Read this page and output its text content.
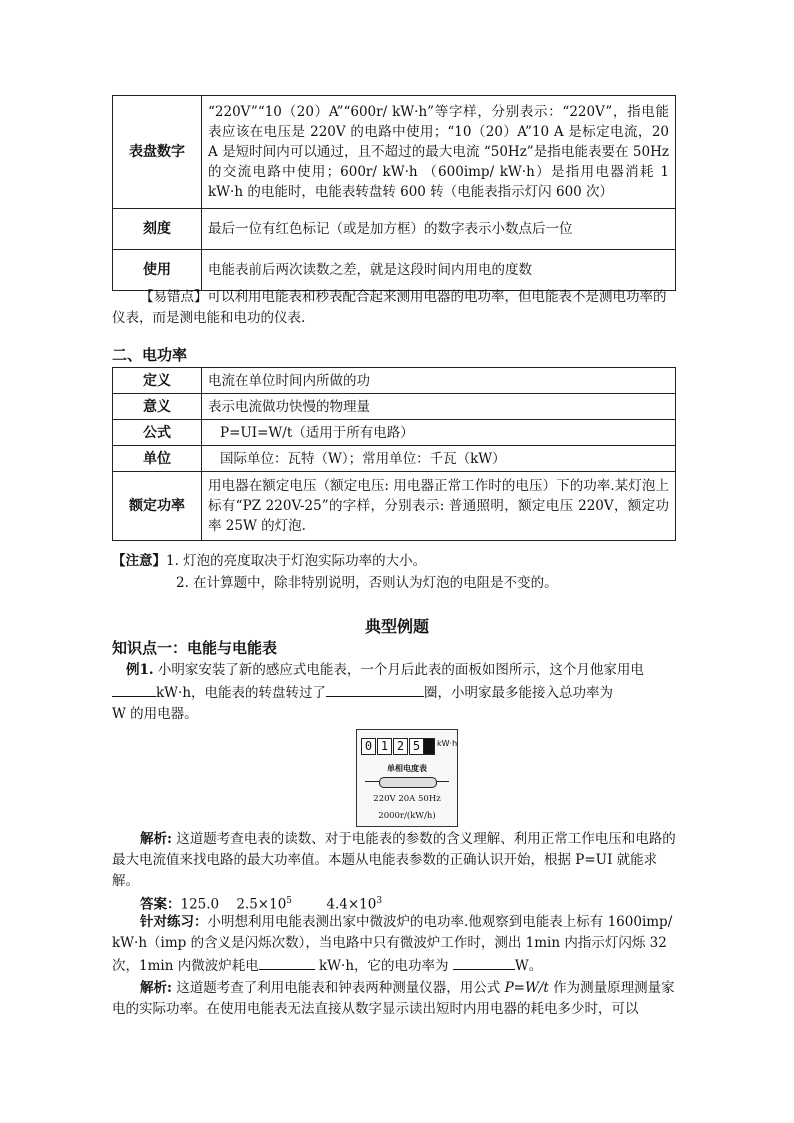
表盘数字	“220V”“10（20）A”“600r/ kW·h”等字样，分别表示：“220V”，指电能表应该在电压是 220V 的电路中使用；“10（20）A”10 A 是标定电流，20 A 是短时间内可以通过，且不超过的最大电流 “50Hz”是指电能表要在 50Hz 的交流电路中使用；600r/ kW·h （600imp/ kW·h）是指用电器消耗 1 kW·h 的电能时，电能表转盘转 600 转（电能表指示灯闪 600 次）
刻度	最后一位有红色标记（或是加方框）的数字表示小数点后一位
使用	电能表前后两次读数之差，就是这段时间内用电的度数
【易错点】可以利用电能表和秒表配合起来测用电器的电功率，但电能表不是测电功率的仪表，而是测电能和电功的仪表.
二、电功率
定义	电流在单位时间内所做的功
意义	表示电流做功快慢的物理量
公式	P=UI=W/t（适用于所有电路）
单位	国际单位：瓦特（W）；常用单位：千瓦（kW）
额定功率	用电器在额定电压（额定电压: 用电器正常工作时的电压）下的功率.某灯泡上标有“PZ 220V-25”的字样，分别表示: 普通照明，额定电压 220V，额定功率 25W 的灯泡.
【注意】1. 灯泡的亮度取决于灯泡实际功率的大小。
2. 在计算题中，除非特别说明，否则认为灯泡的电阻是不变的。
典型例题
知识点一：电能与电能表
例1. 小明家安装了新的感应式电能表，一个月后此表的面板如图所示，这个月他家用电
kW·h，电能表的转盘转过了	圈，小明家最多能接入总功率为
W 的用电器。
0 1 2 5 0 kW·h
单相电度表
220V 20A 50Hz
2000r/(kW/h)
解析: 这道题考查电表的读数、对于电能表的参数的含义理解、利用正常工作电压和电路的最大电流值来找电路的最大功率值。本题从电能表参数的正确认识开始，根据 P=UI 就能求解。
答案：125.0 $2.5\times 10^5$	$4.4\times 10^3$
针对练习：小明想利用电能表测出家中微波炉的电功率.他观察到电能表上标有 1600imp/ kW·h（imp 的含义是闪烁次数），当电路中只有微波炉工作时，测出 1min 内指示灯闪烁 32 次，1min 内微波炉耗电	kW·h，它的电功率为	W。
解析: 这道题考查了利用电能表和钟表两种测量仪器，用公式 P=W/t 作为测量原理测量家电的实际功率。在使用电能表无法直接从数字显示读出短时内用电器的耗电多少时，可以
